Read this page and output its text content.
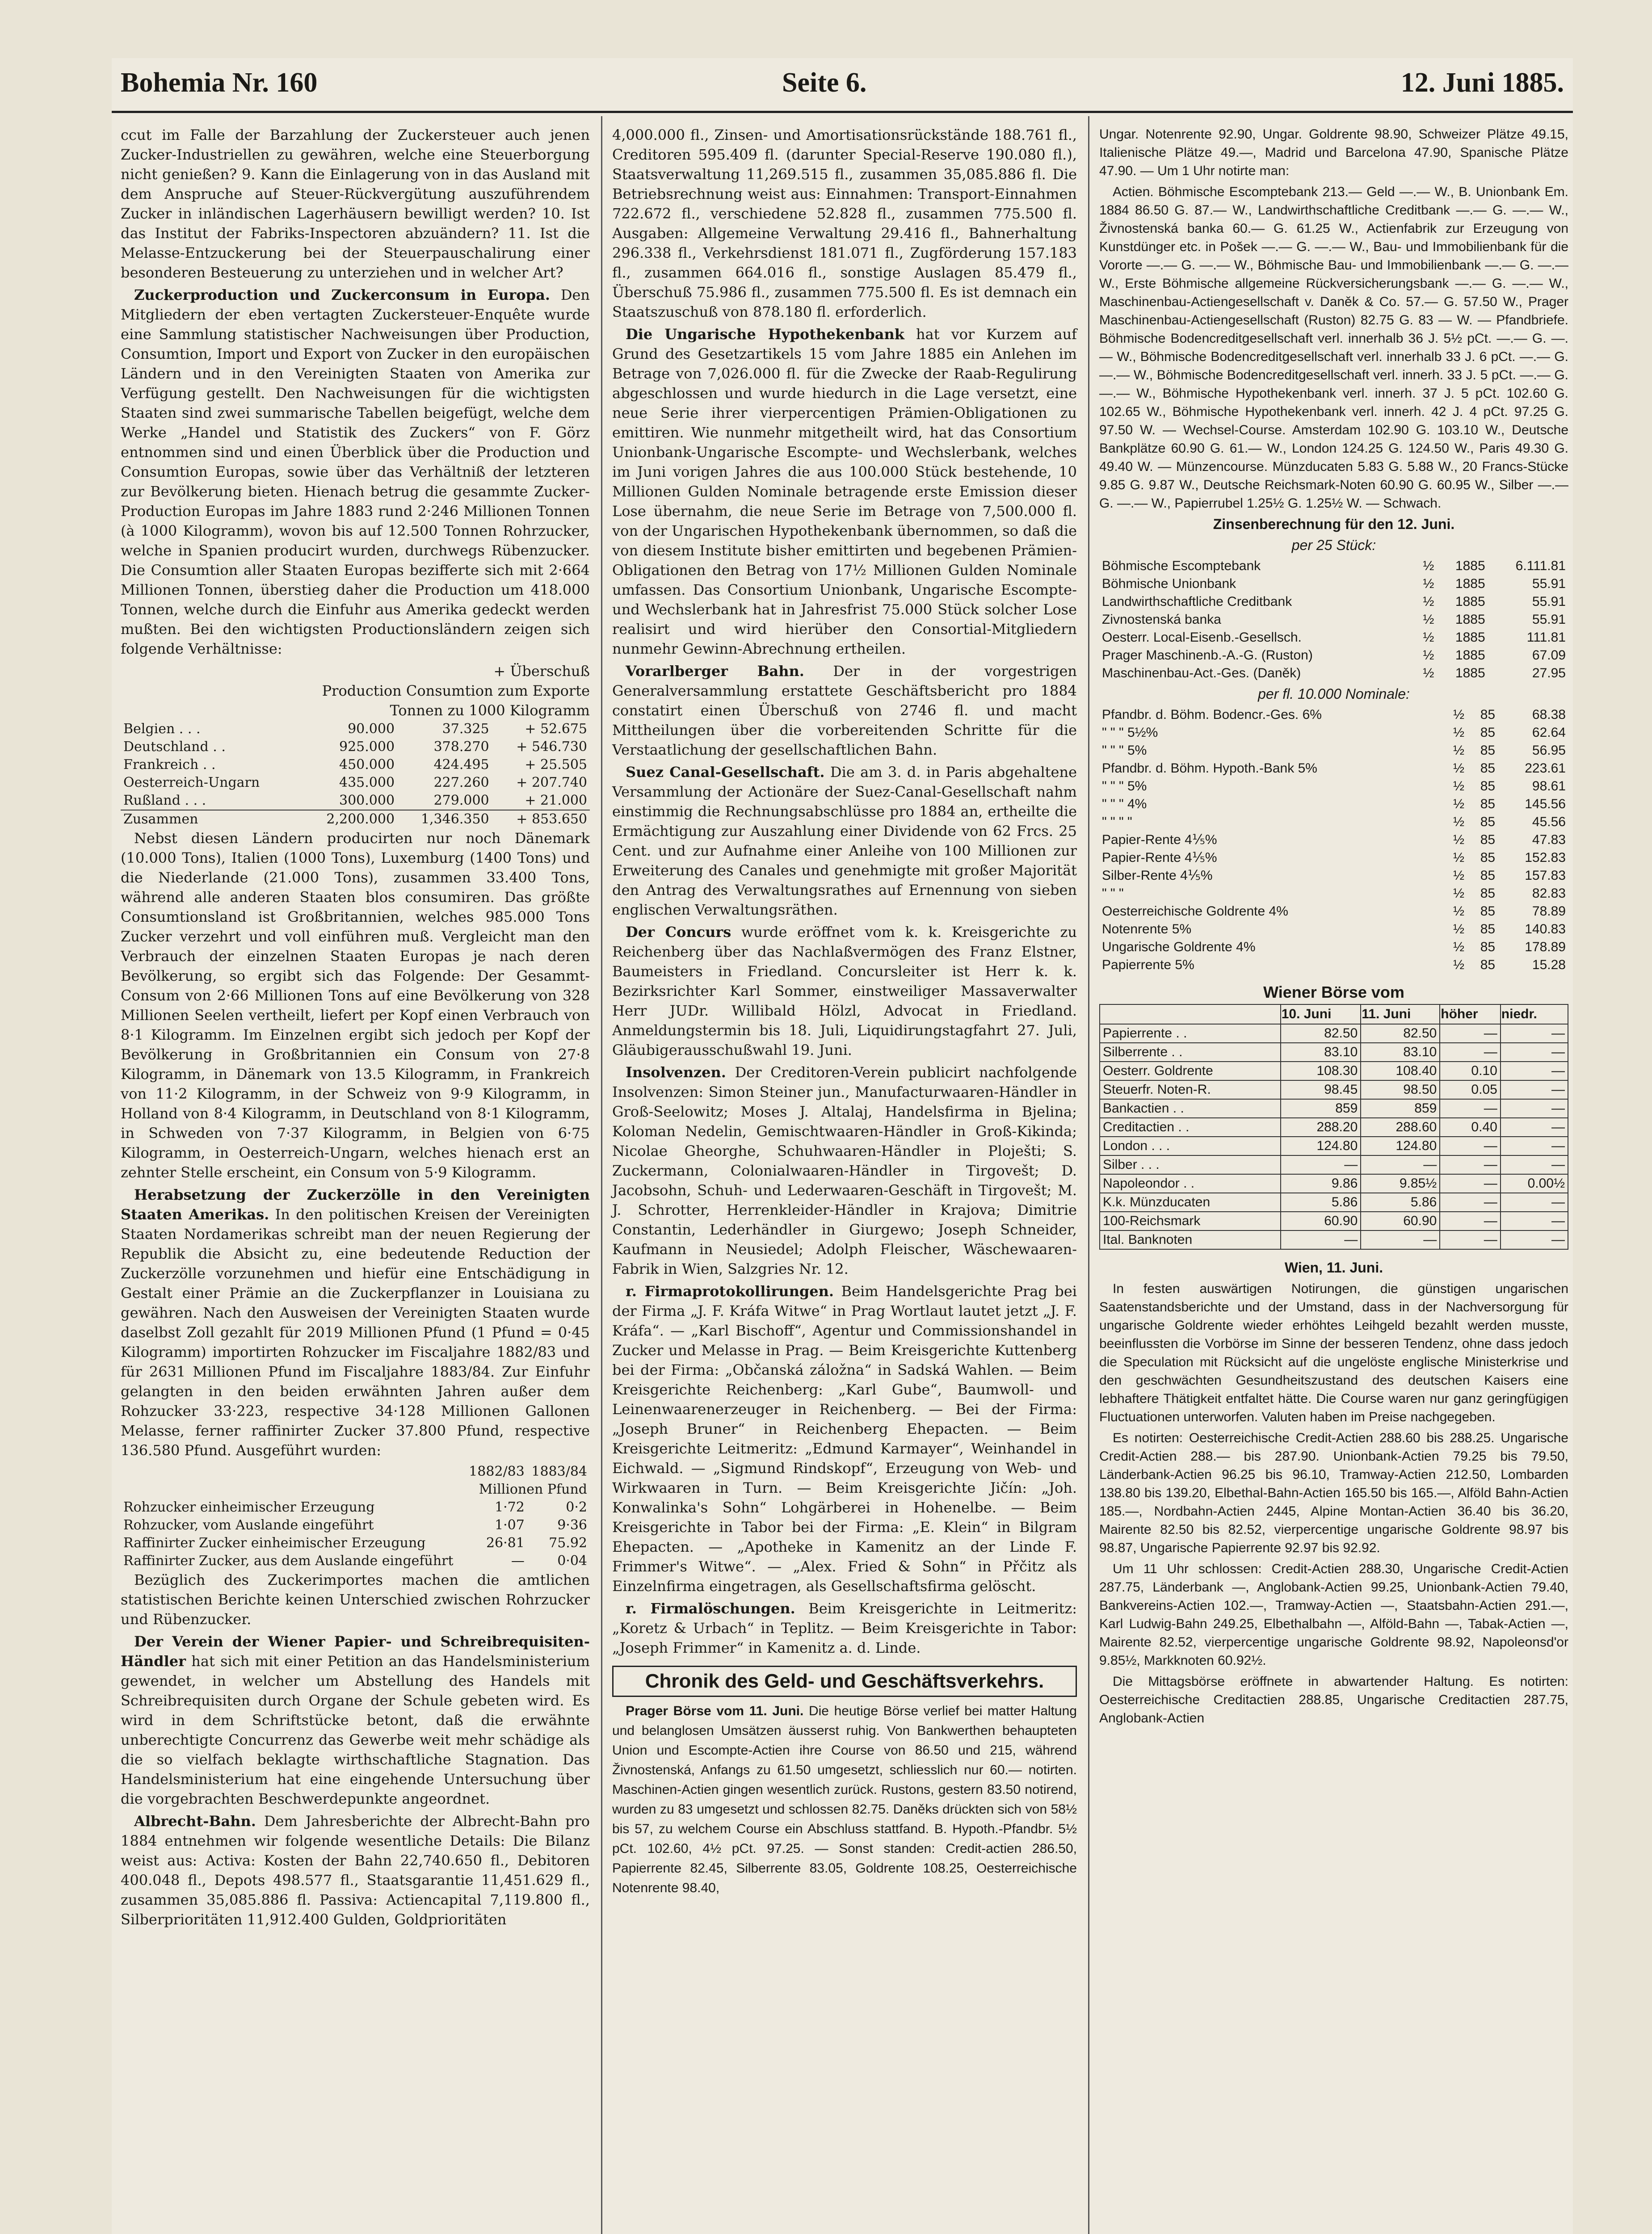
Bohemia Nr. 160	Seite 6.	12. Juni 1885.

ccut im Falle der Barzahlung der Zuckersteuer auch jenen Zucker-Industriellen zu gewähren, welche eine Steuerborgung nicht genießen? 9. Kann die Einlagerung von in das Ausland mit dem Anspruche auf Steuer-Rückvergütung auszuführendem Zucker in inländischen Lagerhäusern bewilligt werden? 10. Ist das Institut der Fabriks-Inspectoren abzuändern? 11. Ist die Melasse-Entzuckerung bei der Steuerpauschalirung einer besonderen Besteuerung zu unterziehen und in welcher Art?

Zuckerproduction und Zuckerconsum in Europa. Den Mitgliedern der eben vertagten Zuckersteuer-Enquête wurde eine Sammlung statistischer Nachweisungen über Production, Consumtion, Import und Export von Zucker in den europäischen Ländern und in den Vereinigten Staaten von Amerika zur Verfügung gestellt. Den Nachweisungen für die wichtigsten Staaten sind zwei summarische Tabellen beigefügt, welche dem Werke „Handel und Statistik des Zuckers“ von F. Görz entnommen sind und einen Überblick über die Production und Consumtion Europas, sowie über das Verhältniß der letzteren zur Bevölkerung bieten. Hienach betrug die gesammte Zucker-Production Europas im Jahre 1883 rund 2·246 Millionen Tonnen (à 1000 Kilogramm), wovon bis auf 12.500 Tonnen Rohrzucker, welche in Spanien producirt wurden, durchwegs Rübenzucker. Die Consumtion aller Staaten Europas bezifferte sich mit 2·664 Millionen Tonnen, überstieg daher die Production um 418.000 Tonnen, welche durch die Einfuhr aus Amerika gedeckt werden mußten. Bei den wichtigsten Productionsländern zeigen sich folgende Verhältnisse:

+ Überschuß
Production Consumtion zum Exporte
Tonnen zu 1000 Kilogramm
Belgien . . .	90.000	37.325	+ 52.675
Deutschland . .	925.000	378.270	+ 546.730
Frankreich . .	450.000	424.495	+ 25.505
Oesterreich-Ungarn	435.000	227.260	+ 207.740
Rußland . . .	300.000	279.000	+ 21.000
Zusammen	2,200.000	1,346.350	+ 853.650

Nebst diesen Ländern producirten nur noch Dänemark (10.000 Tons), Italien (1000 Tons), Luxemburg (1400 Tons) und die Niederlande (21.000 Tons), zusammen 33.400 Tons, während alle anderen Staaten blos consumiren. Das größte Consumtionsland ist Großbritannien, welches 985.000 Tons Zucker verzehrt und voll einführen muß. Vergleicht man den Verbrauch der einzelnen Staaten Europas je nach deren Bevölkerung, so ergibt sich das Folgende: Der Gesammt-Consum von 2·66 Millionen Tons auf eine Bevölkerung von 328 Millionen Seelen vertheilt, liefert per Kopf einen Verbrauch von 8·1 Kilogramm. Im Einzelnen ergibt sich jedoch per Kopf der Bevölkerung in Großbritannien ein Consum von 27·8 Kilogramm, in Dänemark von 13.5 Kilogramm, in Frankreich von 11·2 Kilogramm, in der Schweiz von 9·9 Kilogramm, in Holland von 8·4 Kilogramm, in Deutschland von 8·1 Kilogramm, in Schweden von 7·37 Kilogramm, in Belgien von 6·75 Kilogramm, in Oesterreich-Ungarn, welches hienach erst an zehnter Stelle erscheint, ein Consum von 5·9 Kilogramm.

Herabsetzung der Zuckerzölle in den Vereinigten Staaten Amerikas. In den politischen Kreisen der Vereinigten Staaten Nordamerikas schreibt man der neuen Regierung der Republik die Absicht zu, eine bedeutende Reduction der Zuckerzölle vorzunehmen und hiefür eine Entschädigung in Gestalt einer Prämie an die Zuckerpflanzer in Louisiana zu gewähren. Nach den Ausweisen der Vereinigten Staaten wurde daselbst Zoll gezahlt für 2019 Millionen Pfund (1 Pfund = 0·45 Kilogramm) importirten Rohzucker im Fiscaljahre 1882/83 und für 2631 Millionen Pfund im Fiscaljahre 1883/84. Zur Einfuhr gelangten in den beiden erwähnten Jahren außer dem Rohzucker 33·223, respective 34·128 Millionen Gallonen Melasse, ferner raffinirter Zucker 37.800 Pfund, respective 136.580 Pfund. Ausgeführt wurden:

	1882/83	1883/84
	Millionen Pfund	
Rohzucker einheimischer Erzeugung	1·72	0·2
Rohzucker, vom Auslande eingeführt	1·07	9·36
Raffinirter Zucker einheimischer Erzeugung	26·81	75.92
Raffinirter Zucker, aus dem Auslande eingeführt	—	0·04

Bezüglich des Zuckerimportes machen die amtlichen statistischen Berichte keinen Unterschied zwischen Rohrzucker und Rübenzucker.

Der Verein der Wiener Papier- und Schreibrequisiten-Händler hat sich mit einer Petition an das Handelsministerium gewendet, in welcher um Abstellung des Handels mit Schreibrequisiten durch Organe der Schule gebeten wird. Es wird in dem Schriftstücke betont, daß die erwähnte unberechtigte Concurrenz das Gewerbe weit mehr schädige als die so vielfach beklagte wirthschaftliche Stagnation. Das Handelsministerium hat eine eingehende Untersuchung über die vorgebrachten Beschwerdepunkte angeordnet.

Albrecht-Bahn. Dem Jahresberichte der Albrecht-Bahn pro 1884 entnehmen wir folgende wesentliche Details: Die Bilanz weist aus: Activa: Kosten der Bahn 22,740.650 fl., Debitoren 400.048 fl., Depots 498.577 fl., Staatsgarantie 11,451.629 fl., zusammen 35,085.886 fl. Passiva: Actiencapital 7,119.800 fl., Silberprioritäten 11,912.400 Gulden, Goldprioritäten

4,000.000 fl., Zinsen- und Amortisationsrückstände 188.761 fl., Creditoren 595.409 fl. (darunter Special-Reserve 190.080 fl.), Staatsverwaltung 11,269.515 fl., zusammen 35,085.886 fl. Die Betriebsrechnung weist aus: Einnahmen: Transport-Einnahmen 722.672 fl., verschiedene 52.828 fl., zusammen 775.500 fl. Ausgaben: Allgemeine Verwaltung 29.416 fl., Bahnerhaltung 296.338 fl., Verkehrsdienst 181.071 fl., Zugförderung 157.183 fl., zusammen 664.016 fl., sonstige Auslagen 85.479 fl., Überschuß 75.986 fl., zusammen 775.500 fl. Es ist demnach ein Staatszuschuß von 878.180 fl. erforderlich.

Die Ungarische Hypothekenbank hat vor Kurzem auf Grund des Gesetzartikels 15 vom Jahre 1885 ein Anlehen im Betrage von 7,026.000 fl. für die Zwecke der Raab-Regulirung abgeschlossen und wurde hiedurch in die Lage versetzt, eine neue Serie ihrer vierpercentigen Prämien-Obligationen zu emittiren. Wie nunmehr mitgetheilt wird, hat das Consortium Unionbank-Ungarische Escompte- und Wechslerbank, welches im Juni vorigen Jahres die aus 100.000 Stück bestehende, 10 Millionen Gulden Nominale betragende erste Emission dieser Lose übernahm, die neue Serie im Betrage von 7,500.000 fl. von der Ungarischen Hypothekenbank übernommen, so daß die von diesem Institute bisher emittirten und begebenen Prämien-Obligationen den Betrag von 17½ Millionen Gulden Nominale umfassen. Das Consortium Unionbank, Ungarische Escompte- und Wechslerbank hat in Jahresfrist 75.000 Stück solcher Lose realisirt und wird hierüber den Consortial-Mitgliedern nunmehr Gewinn-Abrechnung ertheilen.

Vorarlberger Bahn. Der in der vorgestrigen Generalversammlung erstattete Geschäftsbericht pro 1884 constatirt einen Überschuß von 2746 fl. und macht Mittheilungen über die vorbereitenden Schritte für die Verstaatlichung der gesellschaftlichen Bahn.

Suez Canal-Gesellschaft. Die am 3. d. in Paris abgehaltene Versammlung der Actionäre der Suez-Canal-Gesellschaft nahm einstimmig die Rechnungsabschlüsse pro 1884 an, ertheilte die Ermächtigung zur Auszahlung einer Dividende von 62 Frcs. 25 Cent. und zur Aufnahme einer Anleihe von 100 Millionen zur Erweiterung des Canales und genehmigte mit großer Majorität den Antrag des Verwaltungsrathes auf Ernennung von sieben englischen Verwaltungsräthen.

Der Concurs wurde eröffnet vom k. k. Kreisgerichte zu Reichenberg über das Nachlaßvermögen des Franz Elstner, Baumeisters in Friedland. Concursleiter ist Herr k. k. Bezirksrichter Karl Sommer, einstweiliger Massaverwalter Herr JUDr. Willibald Hölzl, Advocat in Friedland. Anmeldungstermin bis 18. Juli, Liquidirungstagfahrt 27. Juli, Gläubigerausschußwahl 19. Juni.

Insolvenzen. Der Creditoren-Verein publicirt nachfolgende Insolvenzen: Simon Steiner jun., Manufacturwaaren-Händler in Groß-Seelowitz; Moses J. Altalaj, Handelsfirma in Bjelina; Koloman Nedelin, Gemischtwaaren-Händler in Groß-Kikinda; Nicolae Gheorghe, Schuhwaaren-Händler in Ploješti; S. Zuckermann, Colonialwaaren-Händler in Tirgovešt; D. Jacobsohn, Schuh- und Lederwaaren-Geschäft in Tirgovešt; M. J. Schrotter, Herrenkleider-Händler in Krajova; Dimitrie Constantin, Lederhändler in Giurgewo; Joseph Schneider, Kaufmann in Neusiedel; Adolph Fleischer, Wäschewaaren-Fabrik in Wien, Salzgries Nr. 12.

r. Firmaprotokollirungen. Beim Handelsgerichte Prag bei der Firma „J. F. Kráfa Witwe“ in Prag Wortlaut lautet jetzt „J. F. Kráfa“. — „Karl Bischoff“, Agentur und Commissionshandel in Zucker und Melasse in Prag. — Beim Kreisgerichte Kuttenberg bei der Firma: „Občanská záložna“ in Sadská Wahlen. — Beim Kreisgerichte Reichenberg: „Karl Gube“, Baumwoll- und Leinenwaarenerzeuger in Reichenberg. — Bei der Firma: „Joseph Bruner“ in Reichenberg Ehepacten. — Beim Kreisgerichte Leitmeritz: „Edmund Karmayer“, Weinhandel in Eichwald. — „Sigmund Rindskopf“, Erzeugung von Web- und Wirkwaaren in Turn. — Beim Kreisgerichte Jičín: „Joh. Konwalinka's Sohn“ Lohgärberei in Hohenelbe. — Beim Kreisgerichte in Tabor bei der Firma: „E. Klein“ in Bilgram Ehepacten. — „Apotheke in Kamenitz an der Linde F. Frimmer's Witwe“. — „Alex. Fried & Sohn“ in Přčitz als Einzelnfirma eingetragen, als Gesellschaftsfirma gelöscht.

r. Firmalöschungen. Beim Kreisgerichte in Leitmeritz: „Koretz & Urbach“ in Teplitz. — Beim Kreisgerichte in Tabor: „Joseph Frimmer“ in Kamenitz a. d. Linde.

Chronik des Geld- und Geschäftsverkehrs.

Prager Börse vom 11. Juni. Die heutige Börse verlief bei matter Haltung und belanglosen Umsätzen äusserst ruhig. Von Bankwerthen behaupteten Union und Escompte-Actien ihre Course von 86.50 und 215, während Živnostenská, Anfangs zu 61.50 umgesetzt, schliesslich nur 60.— notirten. Maschinen-Actien gingen wesentlich zurück. Rustons, gestern 83.50 notirend, wurden zu 83 umgesetzt und schlossen 82.75. Daněks drückten sich von 58½ bis 57, zu welchem Course ein Abschluss stattfand. B. Hypoth.-Pfandbr. 5½ pCt. 102.60, 4½ pCt. 97.25. — Sonst standen: Credit-actien 286.50, Papierrente 82.45, Silberrente 83.05, Goldrente 108.25, Oesterreichische Notenrente 98.40,

Ungar. Notenrente 92.90, Ungar. Goldrente 98.90, Schweizer Plätze 49.15, Italienische Plätze 49.—, Madrid und Barcelona 47.90, Spanische Plätze 47.90. — Um 1 Uhr notirte man:

Actien. Böhmische Escomptebank 213.— Geld —.— W., B. Unionbank Em. 1884 86.50 G. 87.— W., Landwirthschaftliche Creditbank —.— G. —.— W., Živnostenská banka 60.— G. 61.25 W., Actienfabrik zur Erzeugung von Kunstdünger etc. in Pošek —.— G. —.— W., Bau- und Immobilienbank für die Vororte —.— G. —.— W., Böhmische Bau- und Immobilienbank —.— G. —.— W., Erste Böhmische allgemeine Rückversicherungsbank —.— G. —.— W., Maschinenbau-Actiengesellschaft v. Daněk & Co. 57.— G. 57.50 W., Prager Maschinenbau-Actiengesellschaft (Ruston) 82.75 G. 83 — W. — Pfandbriefe. Böhmische Bodencreditgesellschaft verl. innerhalb 36 J. 5½ pCt. —.— G. —.— W., Böhmische Bodencreditgesellschaft verl. innerhalb 33 J. 6 pCt. —.— G. —.— W., Böhmische Bodencreditgesellschaft verl. innerh. 33 J. 5 pCt. —.— G. —.— W., Böhmische Hypothekenbank verl. innerh. 37 J. 5 pCt. 102.60 G. 102.65 W., Böhmische Hypothekenbank verl. innerh. 42 J. 4 pCt. 97.25 G. 97.50 W. — Wechsel-Course. Amsterdam 102.90 G. 103.10 W., Deutsche Bankplätze 60.90 G. 61.— W., London 124.25 G. 124.50 W., Paris 49.30 G. 49.40 W. — Münzencourse. Münzducaten 5.83 G. 5.88 W., 20 Francs-Stücke 9.85 G. 9.87 W., Deutsche Reichsmark-Noten 60.90 G. 60.95 W., Silber —.— G. —.— W., Papierrubel 1.25½ G. 1.25½ W. — Schwach.

Zinsenberechnung für den 12. Juni.
per 25 Stück:
Böhmische Escomptebank	½	1885	6.111.81
Böhmische Unionbank	½	1885	55.91
Landwirthschaftliche Creditbank	½	1885	55.91
Zivnostenská banka	½	1885	55.91
Oesterr. Local-Eisenb.-Gesellsch.	½	1885	111.81
Prager Maschinenb.-A.-G. (Ruston)	½	1885	67.09
Maschinenbau-Act.-Ges. (Daněk)	½	1885	27.95
per fl. 10.000 Nominale:
Pfandbr. d. Böhm. Bodencr.-Ges. 6%	½	85	68.38
" " " 5½%	½	85	62.64
" " " 5%	½	85	56.95
Pfandbr. d. Böhm. Hypoth.-Bank 5%	½	85	223.61
" " " 5%	½	85	98.61
" " " 4%	½	85	145.56
" " " "	½	85	45.56
Papier-Rente 4⅕%	½	85	47.83
Papier-Rente 4⅕%	½	85	152.83
Silber-Rente 4⅕%	½	85	157.83
" " "	½	85	82.83
Oesterreichische Goldrente 4%	½	85	78.89
Notenrente 5%	½	85	140.83
Ungarische Goldrente 4%	½	85	178.89
Papierrente 5%	½	85	15.28
Wiener Börse vom
	10. Juni	11. Juni	höher	niedr.
Papierrente . .	82.50	82.50	—	—
Silberrente . .	83.10	83.10	—	—
Oesterr. Goldrente	108.30	108.40	0.10	—
Steuerfr. Noten-R.	98.45	98.50	0.05	—
Bankactien . .	859	859	—	—
Creditactien . .	288.20	288.60	0.40	—
London . . .	124.80	124.80	—	—
Silber . . .	—	—	—	—
Napoleondor . .	9.86	9.85½	—	0.00½
K.k. Münzducaten	5.86	5.86	—	—
100-Reichsmark	60.90	60.90	—	—
Ital. Banknoten	—	—	—	—
Wien, 11. Juni.

In festen auswärtigen Notirungen, die günstigen ungarischen Saatenstandsberichte und der Umstand, dass in der Nachversorgung für ungarische Goldrente wieder erhöhtes Leihgeld bezahlt werden musste, beeinflussten die Vorbörse im Sinne der besseren Tendenz, ohne dass jedoch die Speculation mit Rücksicht auf die ungelöste englische Ministerkrise und den geschwächten Gesundheitszustand des deutschen Kaisers eine lebhaftere Thätigkeit entfaltet hätte. Die Course waren nur ganz geringfügigen Fluctuationen unterworfen. Valuten haben im Preise nachgegeben.

Es notirten: Oesterreichische Credit-Actien 288.60 bis 288.25. Ungarische Credit-Actien 288.— bis 287.90. Unionbank-Actien 79.25 bis 79.50, Länderbank-Actien 96.25 bis 96.10, Tramway-Actien 212.50, Lombarden 138.80 bis 139.20, Elbethal-Bahn-Actien 165.50 bis 165.—, Alföld Bahn-Actien 185.—, Nordbahn-Actien 2445, Alpine Montan-Actien 36.40 bis 36.20, Mairente 82.50 bis 82.52, vierpercentige ungarische Goldrente 98.97 bis 98.87, Ungarische Papierrente 92.97 bis 92.92.

Um 11 Uhr schlossen: Credit-Actien 288.30, Ungarische Credit-Actien 287.75, Länderbank —, Anglobank-Actien 99.25, Unionbank-Actien 79.40, Bankvereins-Actien 102.—, Tramway-Actien —, Staatsbahn-Actien 291.—, Karl Ludwig-Bahn 249.25, Elbethalbahn —, Alföld-Bahn —, Tabak-Actien —, Mairente 82.52, vierpercentige ungarische Goldrente 98.92, Napoleonsd'or 9.85½, Markknoten 60.92½.

Die Mittagsbörse eröffnete in abwartender Haltung. Es notirten: Oesterreichische Creditactien 288.85, Ungarische Creditactien 287.75, Anglobank-Actien
